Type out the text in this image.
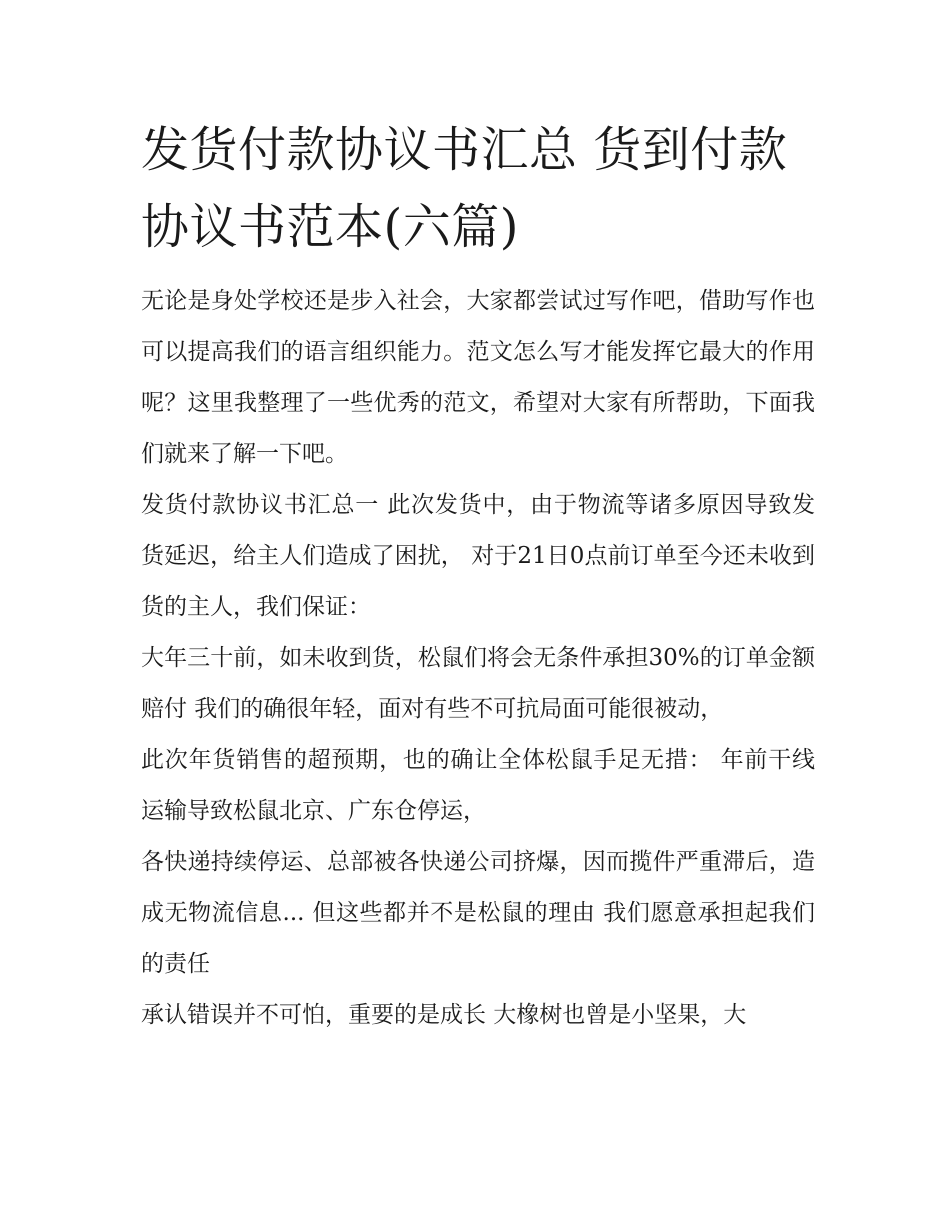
发货付款协议书汇总 货到付款协议书范本(六篇)

无论是身处学校还是步入社会，大家都尝试过写作吧，借助写作也可以提高我们的语言组织能力。范文怎么写才能发挥它最大的作用呢？这里我整理了一些优秀的范文，希望对大家有所帮助，下面我们就来了解一下吧。

发货付款协议书汇总一 此次发货中，由于物流等诸多原因导致发货延迟，给主人们造成了困扰， 对于21日0点前订单至今还未收到货的主人，我们保证：

大年三十前，如未收到货，松鼠们将会无条件承担30%的订单金额赔付 我们的确很年轻，面对有些不可抗局面可能很被动，

此次年货销售的超预期，也的确让全体松鼠手足无措： 年前干线运输导致松鼠北京、广东仓停运，

各快递持续停运、总部被各快递公司挤爆，因而揽件严重滞后，造成无物流信息... 但这些都并不是松鼠的理由 我们愿意承担起我们的责任

承认错误并不可怕，重要的是成长 大橡树也曾是小坚果，大
